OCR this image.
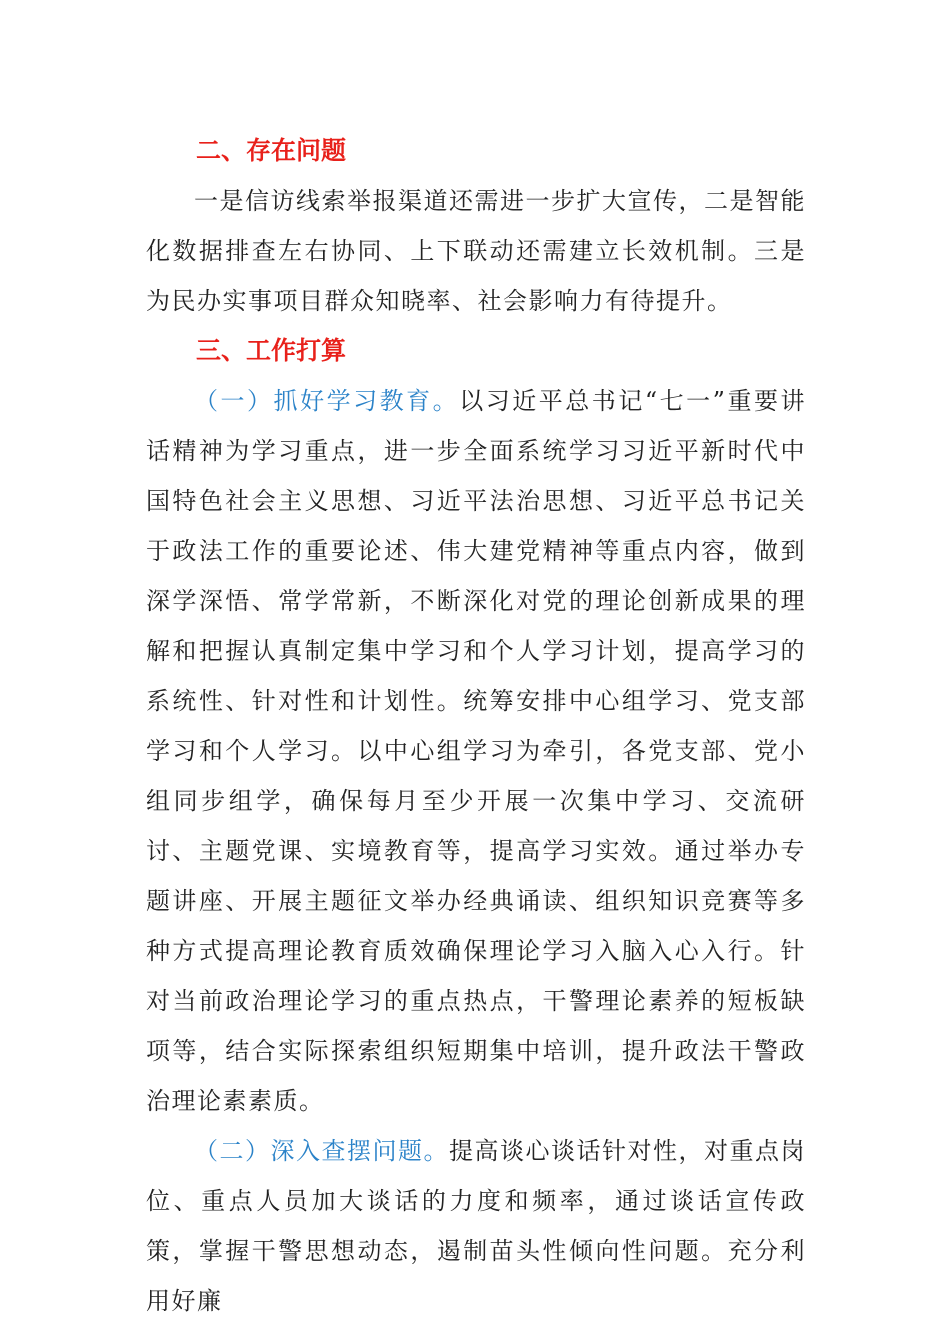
二、存在问题

一是信访线索举报渠道还需进一步扩大宣传，二是智能化数据排查左右协同、上下联动还需建立长效机制。三是为民办实事项目群众知晓率、社会影响力有待提升。

三、工作打算

（一）抓好学习教育。以习近平总书记“七一”重要讲话精神为学习重点，进一步全面系统学习习近平新时代中国特色社会主义思想、习近平法治思想、习近平总书记关于政法工作的重要论述、伟大建党精神等重点内容，做到深学深悟、常学常新，不断深化对党的理论创新成果的理解和把握认真制定集中学习和个人学习计划，提高学习的系统性、针对性和计划性。统筹安排中心组学习、党支部学习和个人学习。以中心组学习为牵引，各党支部、党小组同步组学，确保每月至少开展一次集中学习、交流研讨、主题党课、实境教育等，提高学习实效。通过举办专题讲座、开展主题征文举办经典诵读、组织知识竞赛等多种方式提高理论教育质效确保理论学习入脑入心入行。针对当前政治理论学习的重点热点，干警理论素养的短板缺项等，结合实际探索组织短期集中培训，提升政法干警政治理论素素质。

（二）深入查摆问题。提高谈心谈话针对性，对重点岗位、重点人员加大谈话的力度和频率，通过谈话宣传政策，掌握干警思想动态，遏制苗头性倾向性问题。充分利用好廉
